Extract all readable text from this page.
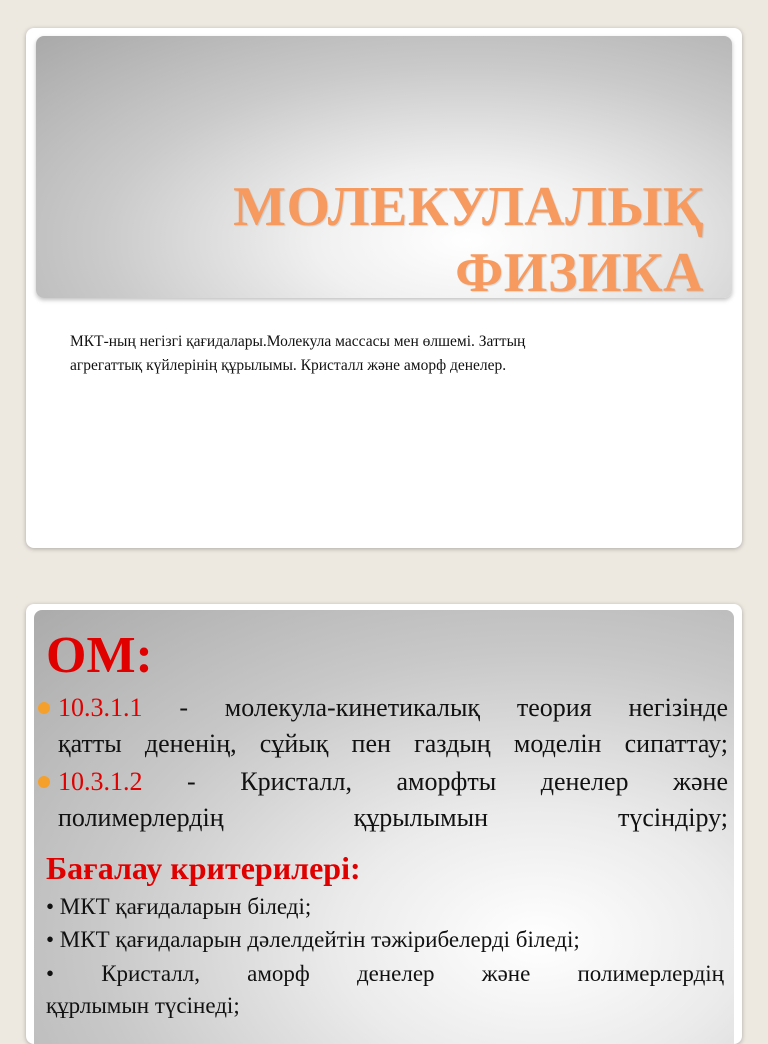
МОЛЕКУЛАЛЫҚ
ФИЗИКА

МКТ-ның негізгі қағидалары.Молекула массасы мен өлшемі. Заттың
агрегаттық күйлерінің құрылымы. Кристалл және аморф денелер.

ОМ:
10.3.1.1 - молекула-кинетикалық теория негізінде
қатты дененің, сұйық пен газдың моделін сипаттау;
10.3.1.2 - Кристалл, аморфты денелер және
полимерлердің құрылымын түсіндіру;
Бағалау критерилері:

• МКТ қағидаларын біледі;

• МКТ қағидаларын дәлелдейтін тәжірибелерді біледі;

• Кристалл, аморф денелер және полимерлердің
құрлымын түсінеді;
